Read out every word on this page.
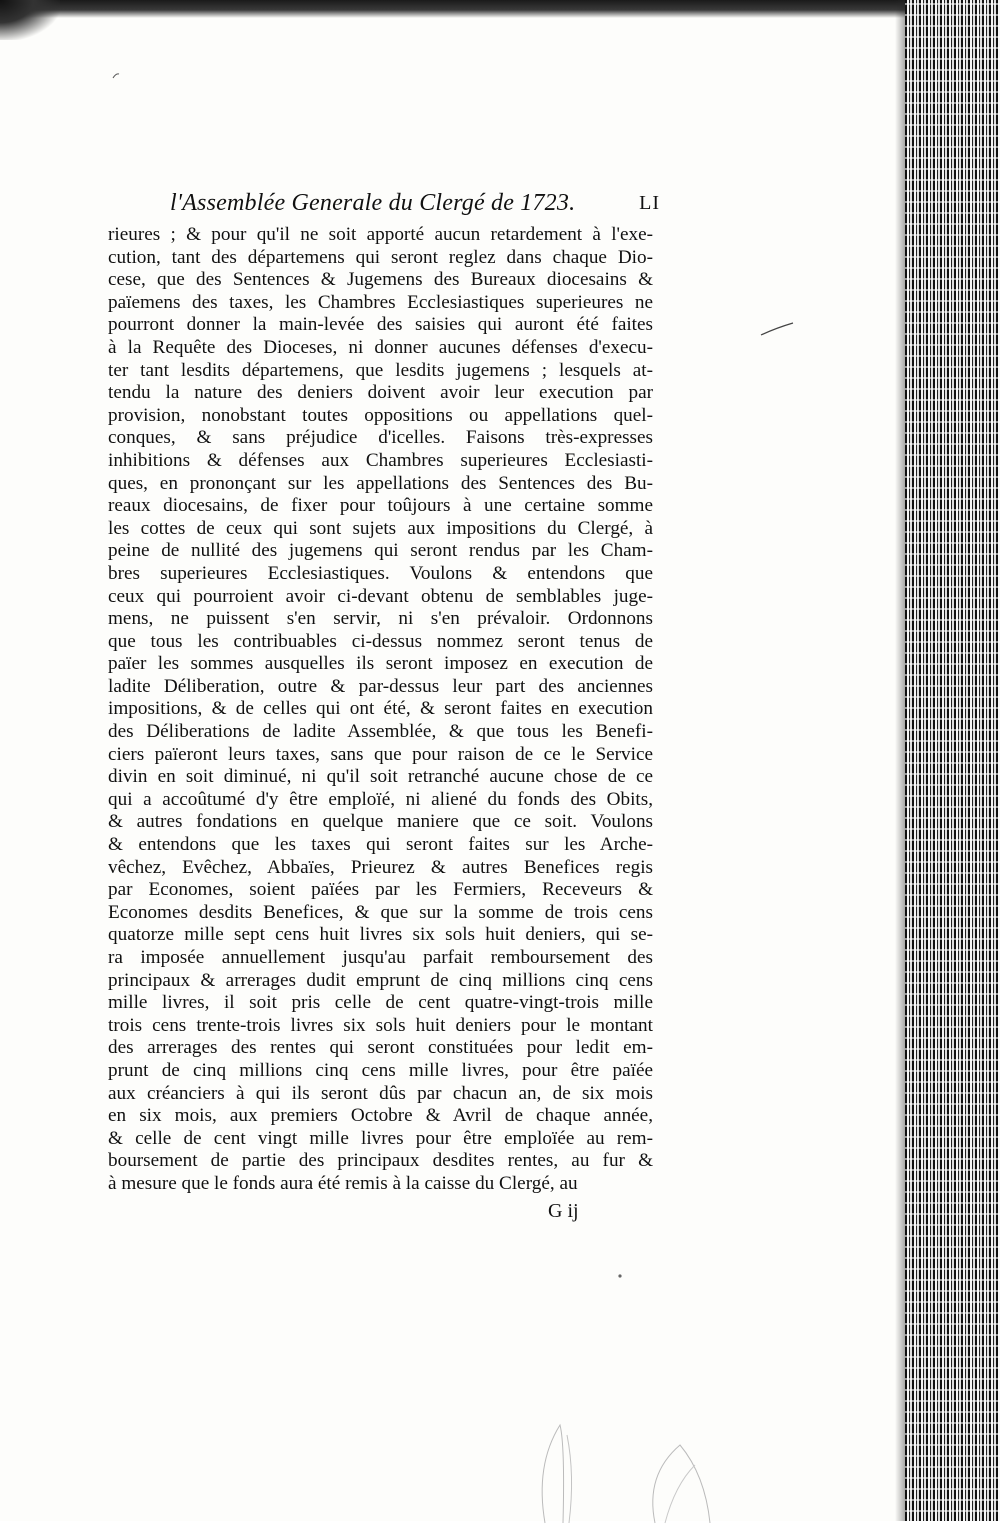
l'Assemblée Generale du Clergé de 1723.	LI
rieures ; & pour qu'il ne soit apporté aucun retardement à l'exe-
cution, tant des départemens qui seront reglez dans chaque Dio-
cese, que des Sentences & Jugemens des Bureaux diocesains &
païemens des taxes, les Chambres Ecclesiastiques superieures ne
pourront donner la main-levée des saisies qui auront été faites
à la Requête des Dioceses, ni donner aucunes défenses d'execu-
ter tant lesdits départemens, que lesdits jugemens ; lesquels at-
tendu la nature des deniers doivent avoir leur execution par
provision, nonobstant toutes oppositions ou appellations quel-
conques, & sans préjudice d'icelles. Faisons très-expresses
inhibitions & défenses aux Chambres superieures Ecclesiasti-
ques, en prononçant sur les appellations des Sentences des Bu-
reaux diocesains, de fixer pour toûjours à une certaine somme
les cottes de ceux qui sont sujets aux impositions du Clergé, à
peine de nullité des jugemens qui seront rendus par les Cham-
bres superieures Ecclesiastiques. Voulons & entendons que
ceux qui pourroient avoir ci-devant obtenu de semblables juge-
mens, ne puissent s'en servir, ni s'en prévaloir. Ordonnons
que tous les contribuables ci-dessus nommez seront tenus de
païer les sommes ausquelles ils seront imposez en execution de
ladite Déliberation, outre & par-dessus leur part des anciennes
impositions, & de celles qui ont été, & seront faites en execution
des Déliberations de ladite Assemblée, & que tous les Benefi-
ciers païeront leurs taxes, sans que pour raison de ce le Service
divin en soit diminué, ni qu'il soit retranché aucune chose de ce
qui a accoûtumé d'y être emploïé, ni aliené du fonds des Obits,
& autres fondations en quelque maniere que ce soit. Voulons
& entendons que les taxes qui seront faites sur les Arche-
vêchez, Evêchez, Abbaïes, Prieurez & autres Benefices regis
par Economes, soient païées par les Fermiers, Receveurs &
Economes desdits Benefices, & que sur la somme de trois cens
quatorze mille sept cens huit livres six sols huit deniers, qui se-
ra imposée annuellement jusqu'au parfait remboursement des
principaux & arrerages dudit emprunt de cinq millions cinq cens
mille livres, il soit pris celle de cent quatre-vingt-trois mille
trois cens trente-trois livres six sols huit deniers pour le montant
des arrerages des rentes qui seront constituées pour ledit em-
prunt de cinq millions cinq cens mille livres, pour être païée
aux créanciers à qui ils seront dûs par chacun an, de six mois
en six mois, aux premiers Octobre & Avril de chaque année,
& celle de cent vingt mille livres pour être emploïée au rem-
boursement de partie des principaux desdites rentes, au fur &
à mesure que le fonds aura été remis à la caisse du Clergé, au
G ij
